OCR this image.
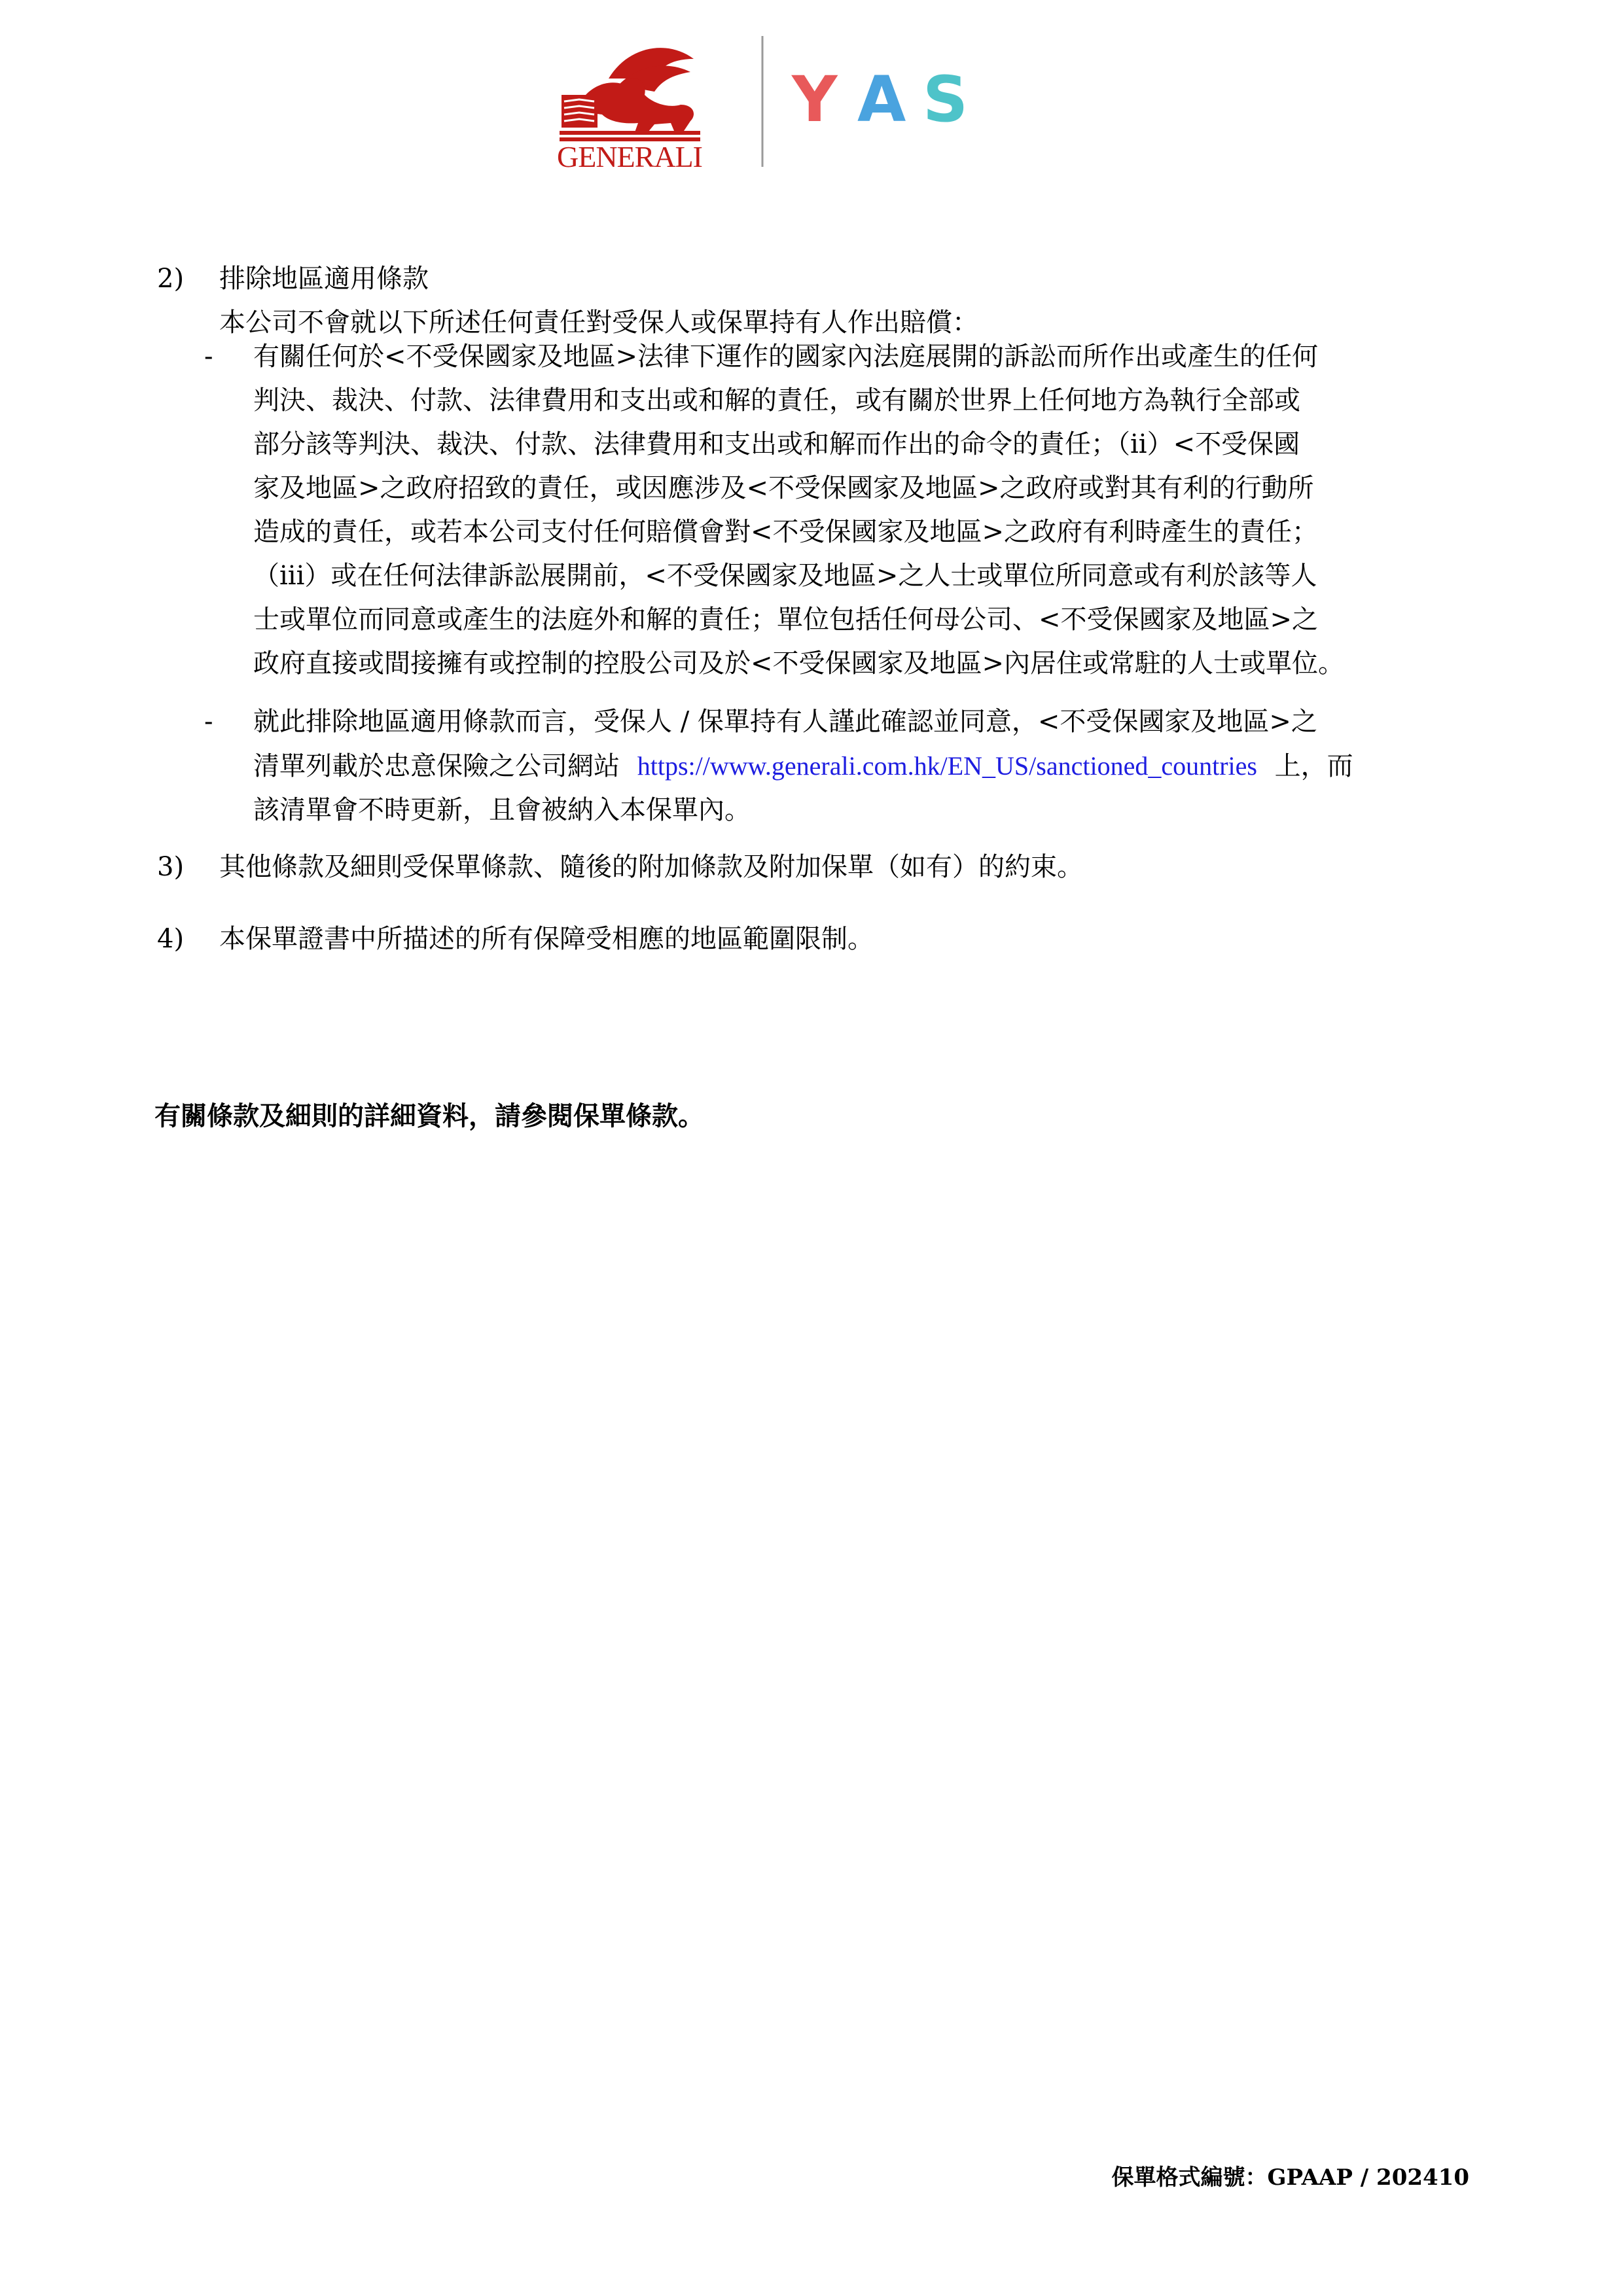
GENERALI
Y A S
2)	排除地區適用條款
本公司不會就以下所述任何責任對受保人或保單持有人作出賠償：
- 有關任何於<不受保國家及地區>法律下運作的國家內法庭展開的訴訟而所作出或產生的任何
判決、裁決、付款、法律費用和支出或和解的責任，或有關於世界上任何地方為執行全部或
部分該等判決、裁決、付款、法律費用和支出或和解而作出的命令的責任；（ii）<不受保國
家及地區>之政府招致的責任，或因應涉及<不受保國家及地區>之政府或對其有利的行動所
造成的責任，或若本公司支付任何賠償會對<不受保國家及地區>之政府有利時產生的責任；
（iii）或在任何法律訴訟展開前，<不受保國家及地區>之人士或單位所同意或有利於該等人
士或單位而同意或產生的法庭外和解的責任；單位包括任何母公司、<不受保國家及地區>之
政府直接或間接擁有或控制的控股公司及於<不受保國家及地區>內居住或常駐的人士或單位。
- 就此排除地區適用條款而言，受保人 / 保單持有人謹此確認並同意，<不受保國家及地區>之
清單列載於忠意保險之公司網站 https://www.generali.com.hk/EN_US/sanctioned_countries 上，而
該清單會不時更新，且會被納入本保單內。
3)	其他條款及細則受保單條款、隨後的附加條款及附加保單（如有）的約束。
4)	本保單證書中所描述的所有保障受相應的地區範圍限制。
有關條款及細則的詳細資料，請參閱保單條款。
保單格式編號：GPAAP / 202410
